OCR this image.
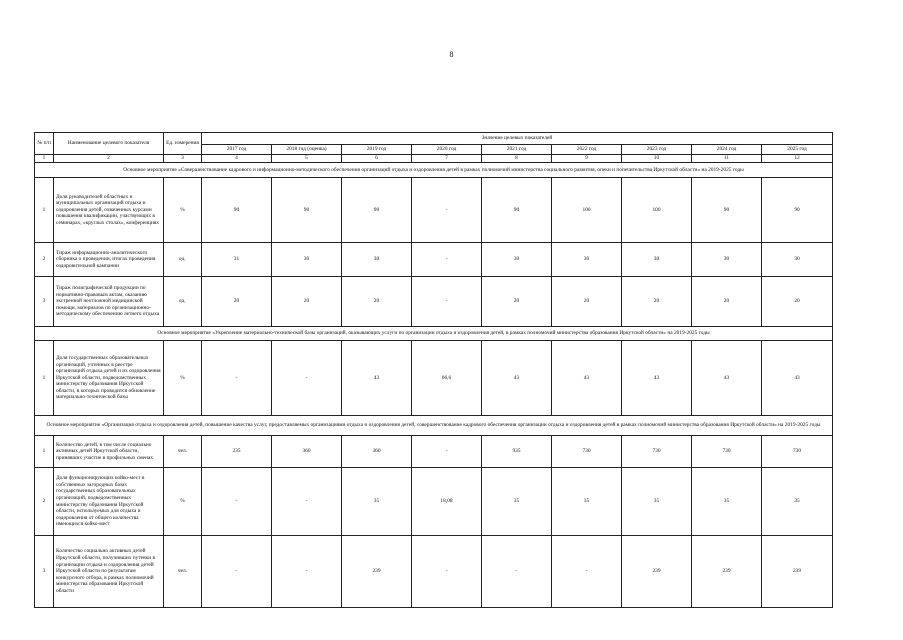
8
№ п/п	Наименование целевого показателя	Ед. измерения	Значение целевых показателей								
			2017 год	2018 год (оценка)	2019 год	2020 год	2021 год	2022 год	2023 год	2024 год	2025 год
1	2	3	4	5	6	7	8	9	10	11	12
Основное мероприятие «Совершенствование кадрового и информационно-методического обеспечения организаций отдыха и оздоровления детей в рамках полномочий министерства социального развития, опеки и попечительства Иркутской области» на 2019-2025 годы											
1	Доля руководителей областных и муниципальных организаций отдыха и оздоровления детей, охваченных курсами повышения квалификации, участвующих в семинарах, «круглых столах», конференциях	%	90	90	90	-	90	100	100	90	90
2	Тираж информационно-аналитического сборника о проведении, итогах проведения оздоровительной кампании	ед.	31	30	30	-	30	30	30	30	30
3	Тираж полиграфической продукции по нормативно-правовым актам, оказанию экстренной неотложной медицинской помощи, материалов по организационно-методическому обеспечению летнего отдыха	ед.	20	20	20	-	20	20	20	20	20
Основное мероприятие «Укрепление материально-технической базы организаций, оказывающих услуги по организации отдыха и оздоровления детей, в рамках полномочий министерства образования Иркутской области» на 2019-2025 годы											
1	Доля государственных образовательных организаций, учтенных в реестре организаций отдыха детей и их оздоровления Иркутской области, подведомственных министерству образования Иркутской области, в которых проводится обновление материально-технической базы	%	-	-	43	66,6	43	43	43	43	43
Основное мероприятие «Организация отдыха и оздоровления детей, повышение качества услуг, предоставляемых организациями отдыха и оздоровления детей, совершенствование кадрового обеспечения организации отдыха и оздоровления детей в рамках полномочий министерства образования Иркутской области» на 2019-2025 годы											
1	Количество детей, в том числе социально активных детей Иркутской области, принявших участие в профильных сменах	чел.	235	360	360	-	935	730	730	730	730
2	Доля функционирующих койко-мест в собственных загородных базах государственных образовательных организаций, подведомственных министерству образования Иркутской области, используемых для отдыха и оздоровления от общего количества имеющихся койко-мест	%	-	-	35	18,08	35	35	35	35	35
3	Количество социально активных детей Иркутской области, получивших путевки в организации отдыха и оздоровления детей Иркутской области по результатам конкурсного отбора, в рамках полномочий министерства образования Иркутской области	чел.	-	-	239	-	-	-	239	239	239
